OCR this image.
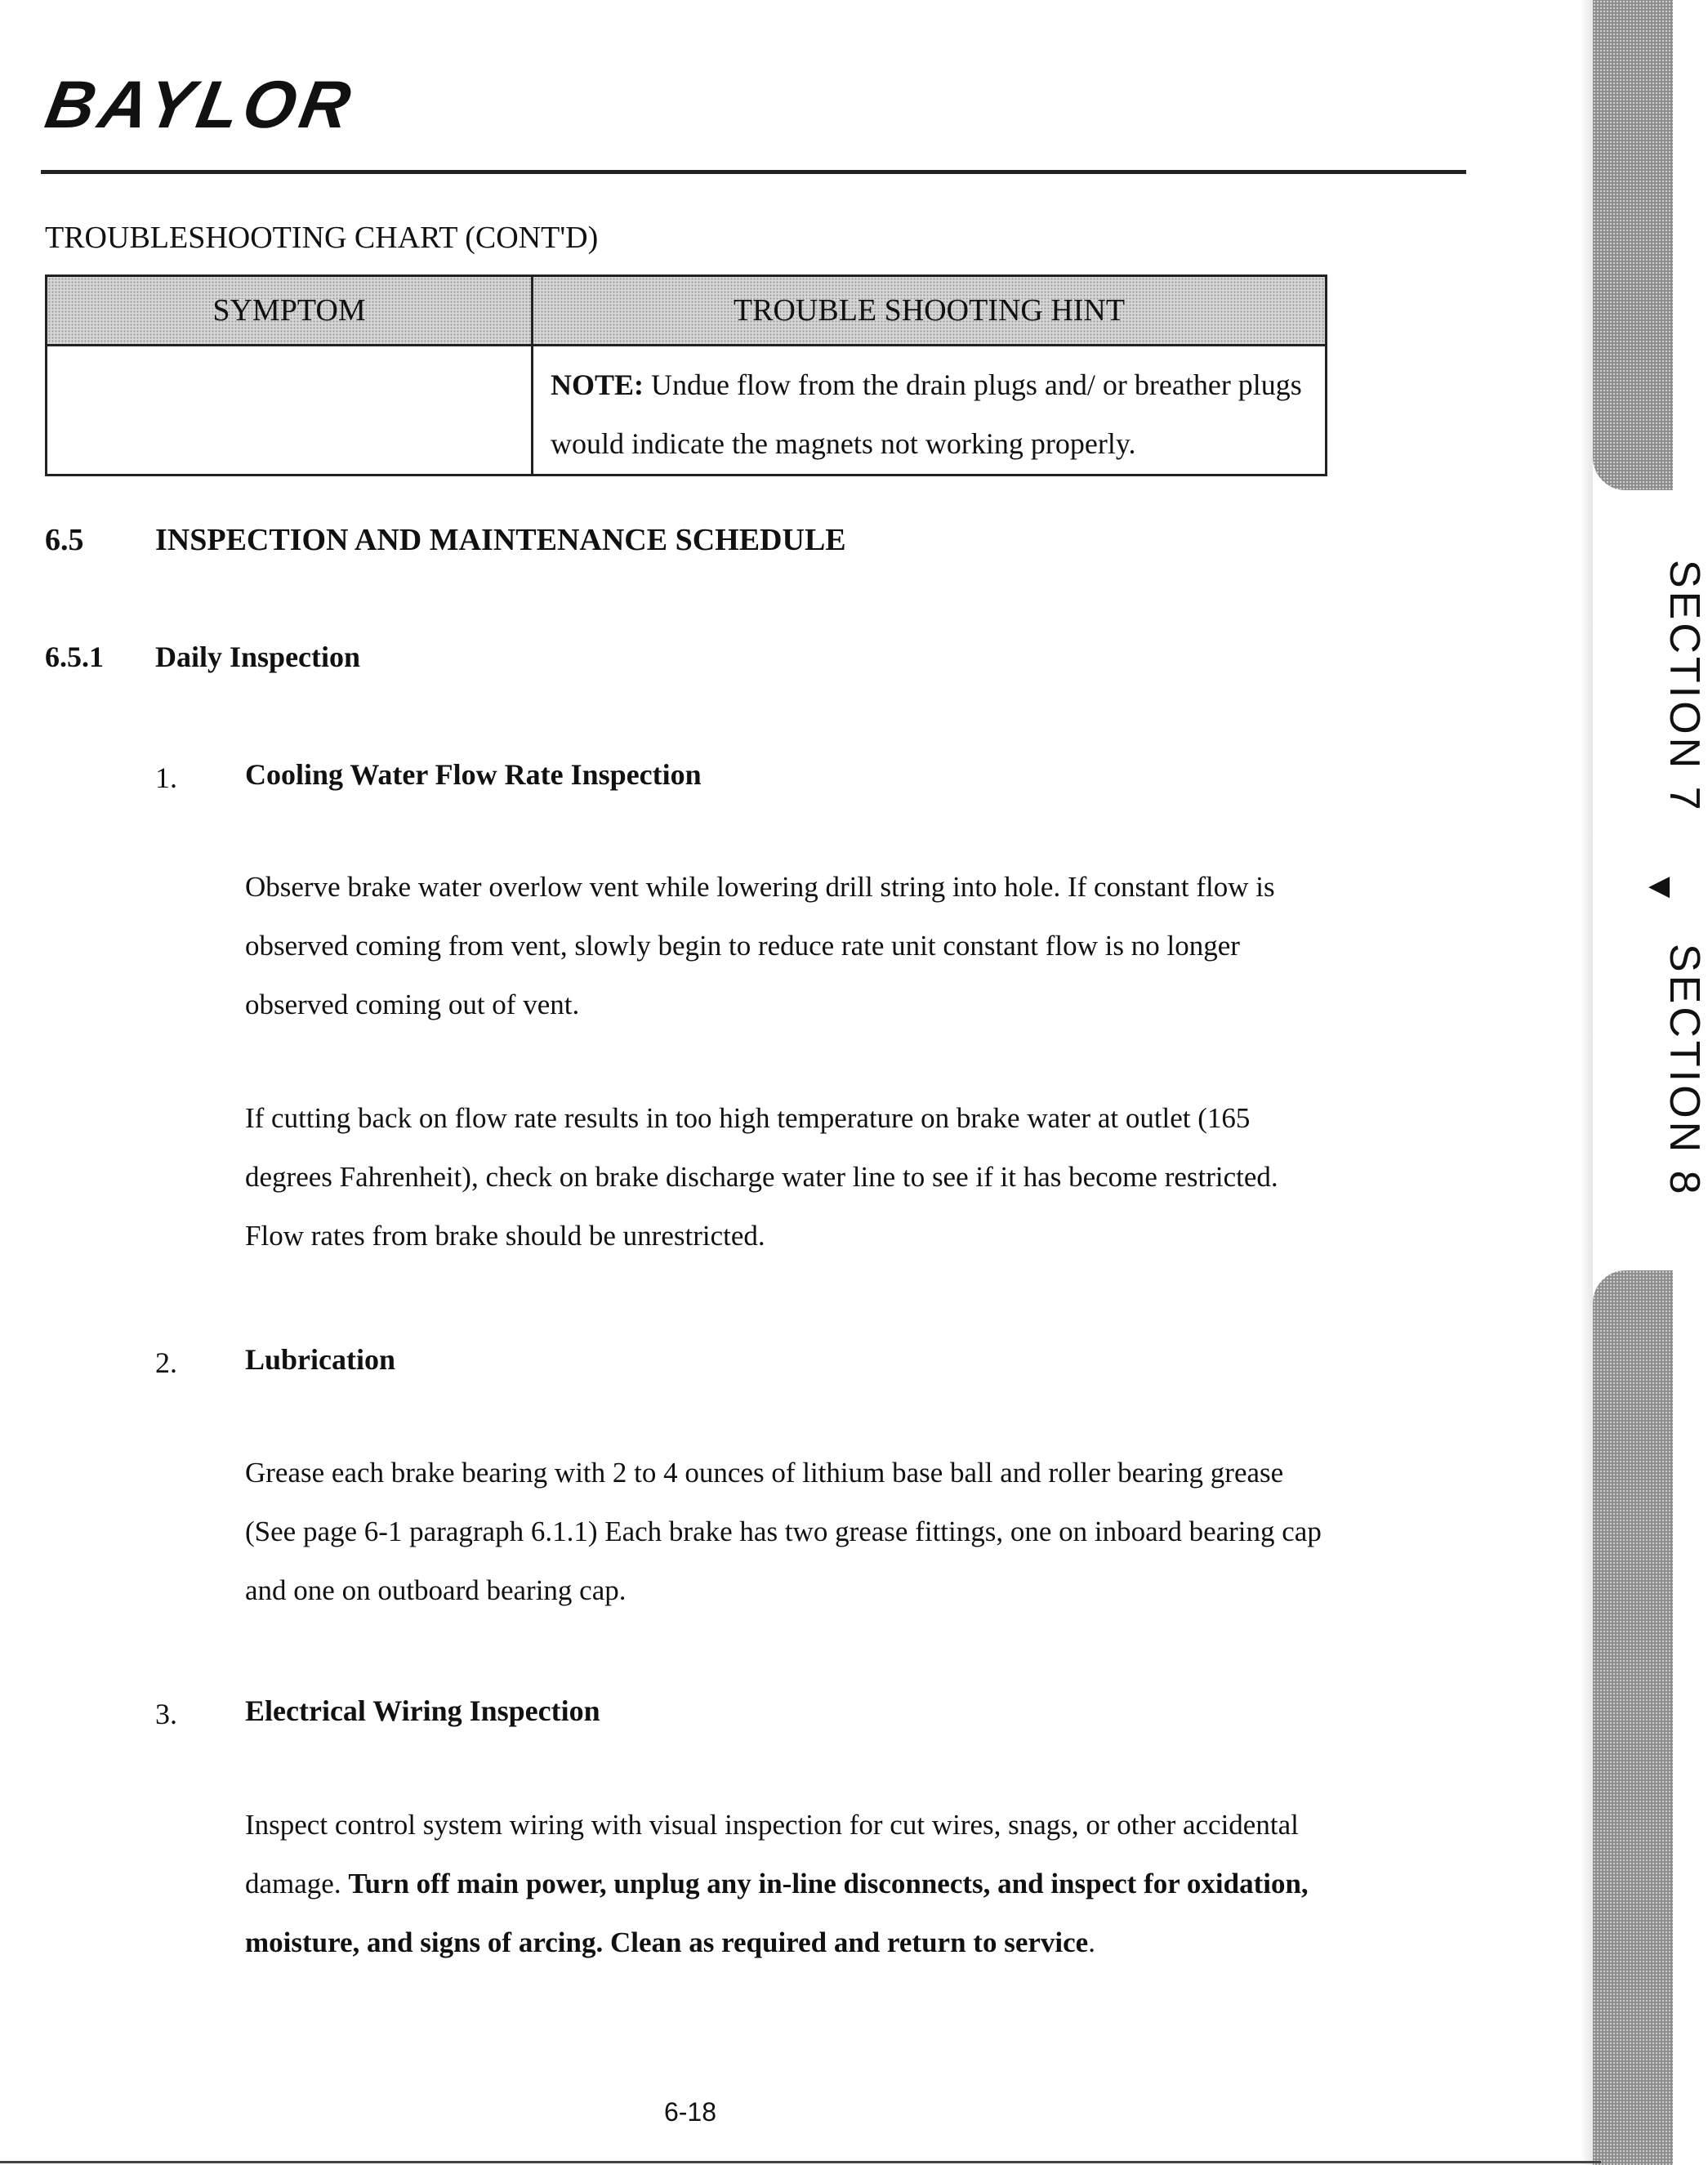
BAYLOR
TROUBLESHOOTING CHART (CONT'D)
SYMPTOM	TROUBLE SHOOTING HINT

	NOTE: Undue flow from the drain plugs and/ or breather plugs would indicate the magnets not working properly.
6.5 INSPECTION AND MAINTENANCE SCHEDULE
6.5.1 Daily Inspection
1. Cooling Water Flow Rate Inspection
Observe brake water overlow vent while lowering drill string into hole. If constant flow is observed coming from vent, slowly begin to reduce rate unit constant flow is no longer observed coming out of vent.
If cutting back on flow rate results in too high temperature on brake water at outlet (165 degrees Fahrenheit), check on brake discharge water line to see if it has become restricted. Flow rates from brake should be unrestricted.
2. Lubrication
Grease each brake bearing with 2 to 4 ounces of lithium base ball and roller bearing grease (See page 6-1 paragraph 6.1.1) Each brake has two grease fittings, one on inboard bearing cap and one on outboard bearing cap.
3. Electrical Wiring Inspection
Inspect control system wiring with visual inspection for cut wires, snags, or other accidental damage. Turn off main power, unplug any in-line disconnects, and inspect for oxidation, moisture, and signs of arcing. Clean as required and return to service.
6-18
SECTION 7
◀
SECTION 8
